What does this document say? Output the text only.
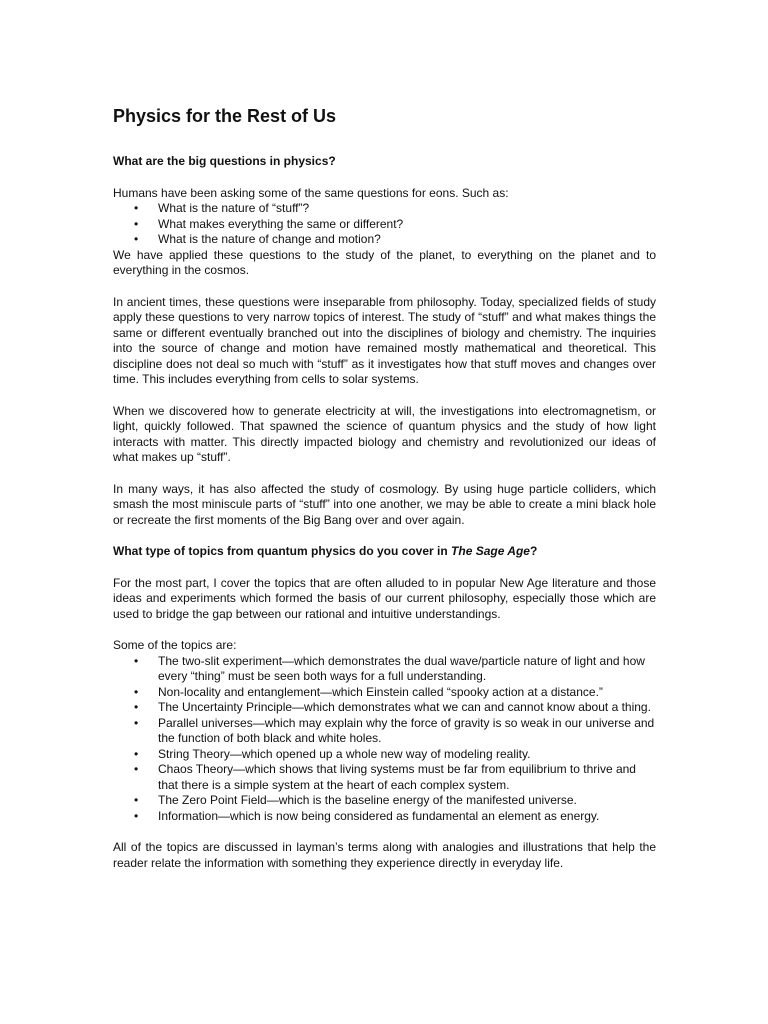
Physics for the Rest of Us
What are the big questions in physics?

Humans have been asking some of the same questions for eons. Such as:

• What is the nature of “stuff”?
• What makes everything the same or different?
• What is the nature of change and motion?

We have applied these questions to the study of the planet, to everything on the planet and to everything in the cosmos.

In ancient times, these questions were inseparable from philosophy. Today, specialized fields of study apply these questions to very narrow topics of interest. The study of “stuff” and what makes things the same or different eventually branched out into the disciplines of biology and chemistry. The inquiries into the source of change and motion have remained mostly mathematical and theoretical. This discipline does not deal so much with “stuff” as it investigates how that stuff moves and changes over time. This includes everything from cells to solar systems.

When we discovered how to generate electricity at will, the investigations into electromagnetism, or light, quickly followed. That spawned the science of quantum physics and the study of how light interacts with matter. This directly impacted biology and chemistry and revolutionized our ideas of what makes up “stuff”.

In many ways, it has also affected the study of cosmology. By using huge particle colliders, which smash the most miniscule parts of “stuff” into one another, we may be able to create a mini black hole or recreate the first moments of the Big Bang over and over again.

What type of topics from quantum physics do you cover in The Sage Age?

For the most part, I cover the topics that are often alluded to in popular New Age literature and those ideas and experiments which formed the basis of our current philosophy, especially those which are used to bridge the gap between our rational and intuitive understandings.

Some of the topics are:

• The two-slit experiment—which demonstrates the dual wave/particle nature of light and how every “thing” must be seen both ways for a full understanding.
• Non-locality and entanglement—which Einstein called “spooky action at a distance.”
• The Uncertainty Principle—which demonstrates what we can and cannot know about a thing.
• Parallel universes—which may explain why the force of gravity is so weak in our universe and the function of both black and white holes.
• String Theory—which opened up a whole new way of modeling reality.
• Chaos Theory—which shows that living systems must be far from equilibrium to thrive and that there is a simple system at the heart of each complex system.
• The Zero Point Field—which is the baseline energy of the manifested universe.
• Information—which is now being considered as fundamental an element as energy.

All of the topics are discussed in layman’s terms along with analogies and illustrations that help the reader relate the information with something they experience directly in everyday life.
